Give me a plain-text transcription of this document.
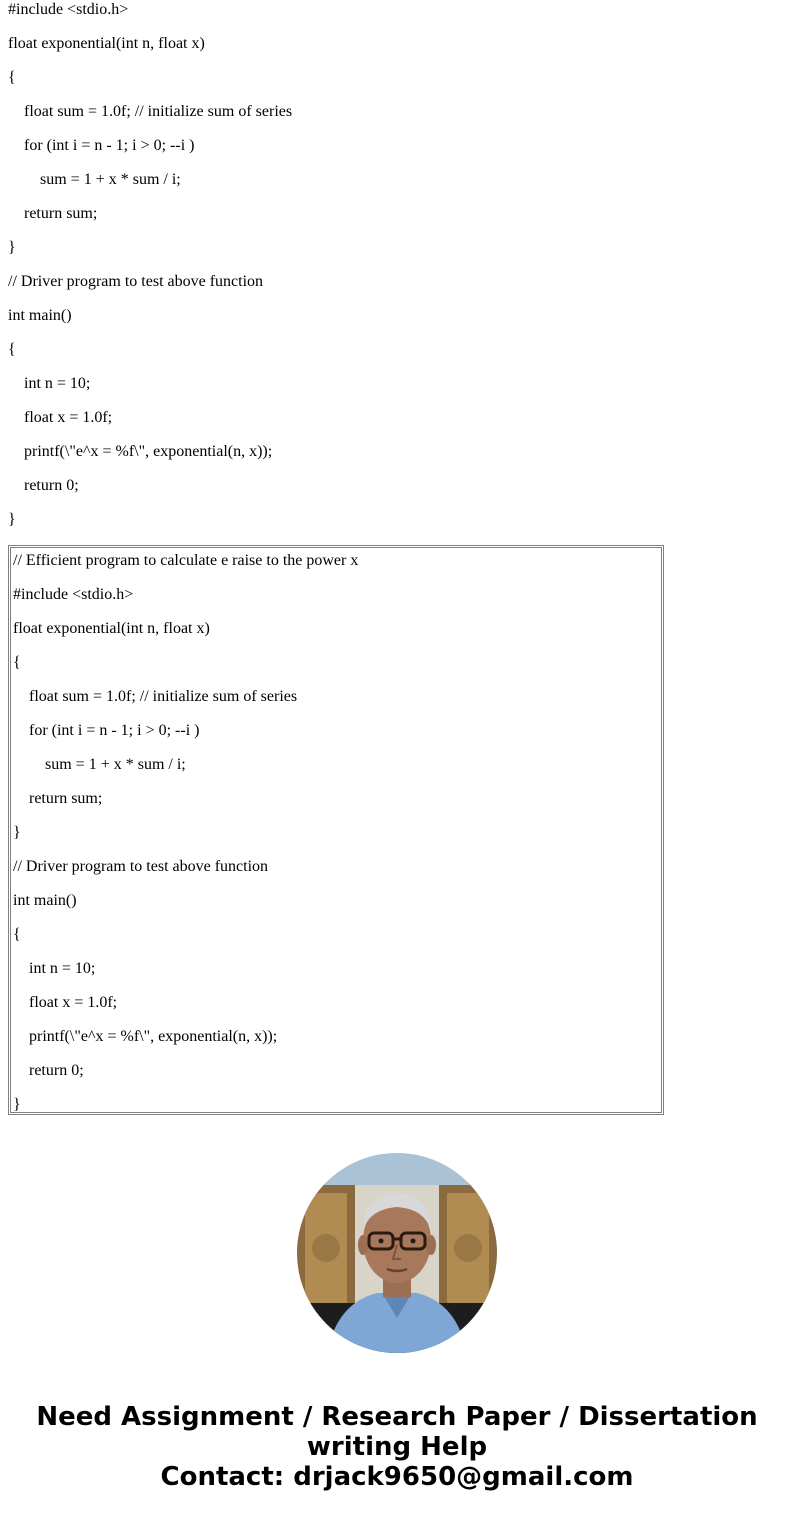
#include <stdio.h>
float exponential(int n, float x)
{
float sum = 1.0f; // initialize sum of series
for (int i = n - 1; i > 0; --i )
sum = 1 + x * sum / i;
return sum;
}
// Driver program to test above function
int main()
{
int n = 10;
float x = 1.0f;
printf(\"e^x = %f\", exponential(n, x));
return 0;
}
// Efficient program to calculate e raise to the power x
#include <stdio.h>
float exponential(int n, float x)
{
float sum = 1.0f; // initialize sum of series
for (int i = n - 1; i > 0; --i )
sum = 1 + x * sum / i;
return sum;
}
// Driver program to test above function
int main()
{
int n = 10;
float x = 1.0f;
printf(\"e^x = %f\", exponential(n, x));
return 0;
}
Need Assignment / Research Paper / Dissertation
writing Help
Contact: drjack9650@gmail.com
